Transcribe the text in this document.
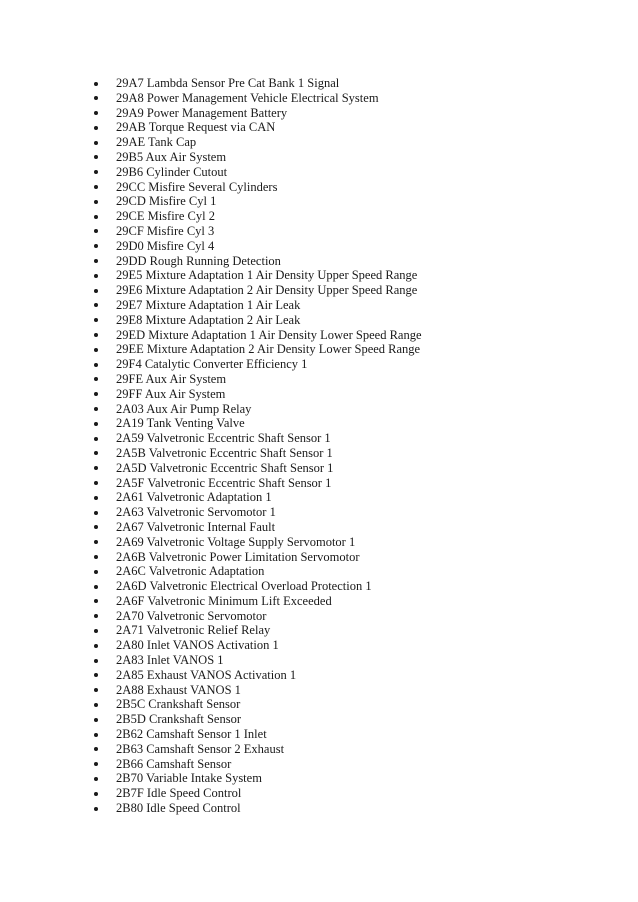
29A7 Lambda Sensor Pre Cat Bank 1 Signal
29A8 Power Management Vehicle Electrical System
29A9 Power Management Battery
29AB Torque Request via CAN
29AE Tank Cap
29B5 Aux Air System
29B6 Cylinder Cutout
29CC Misfire Several Cylinders
29CD Misfire Cyl 1
29CE Misfire Cyl 2
29CF Misfire Cyl 3
29D0 Misfire Cyl 4
29DD Rough Running Detection
29E5 Mixture Adaptation 1 Air Density Upper Speed Range
29E6 Mixture Adaptation 2 Air Density Upper Speed Range
29E7 Mixture Adaptation 1 Air Leak
29E8 Mixture Adaptation 2 Air Leak
29ED Mixture Adaptation 1 Air Density Lower Speed Range
29EE Mixture Adaptation 2 Air Density Lower Speed Range
29F4 Catalytic Converter Efficiency 1
29FE Aux Air System
29FF Aux Air System
2A03 Aux Air Pump Relay
2A19 Tank Venting Valve
2A59 Valvetronic Eccentric Shaft Sensor 1
2A5B Valvetronic Eccentric Shaft Sensor 1
2A5D Valvetronic Eccentric Shaft Sensor 1
2A5F Valvetronic Eccentric Shaft Sensor 1
2A61 Valvetronic Adaptation 1
2A63 Valvetronic Servomotor 1
2A67 Valvetronic Internal Fault
2A69 Valvetronic Voltage Supply Servomotor 1
2A6B Valvetronic Power Limitation Servomotor
2A6C Valvetronic Adaptation
2A6D Valvetronic Electrical Overload Protection 1
2A6F Valvetronic Minimum Lift Exceeded
2A70 Valvetronic Servomotor
2A71 Valvetronic Relief Relay
2A80 Inlet VANOS Activation 1
2A83 Inlet VANOS 1
2A85 Exhaust VANOS Activation 1
2A88 Exhaust VANOS 1
2B5C Crankshaft Sensor
2B5D Crankshaft Sensor
2B62 Camshaft Sensor 1 Inlet
2B63 Camshaft Sensor 2 Exhaust
2B66 Camshaft Sensor
2B70 Variable Intake System
2B7F Idle Speed Control
2B80 Idle Speed Control
